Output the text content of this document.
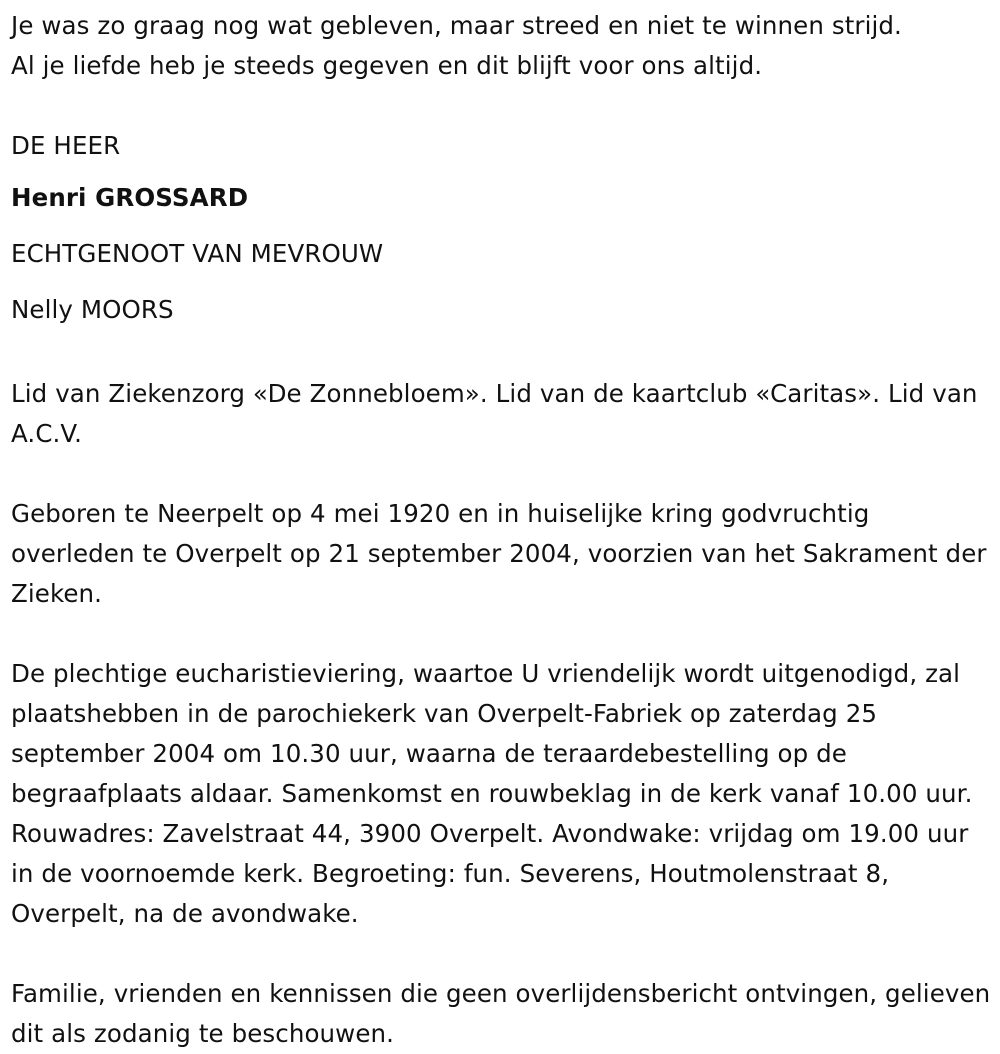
Je was zo graag nog wat gebleven, maar streed en niet te winnen strijd.

Al je liefde heb je steeds gegeven en dit blijft voor ons altijd.

DE HEER

Henri GROSSARD

ECHTGENOOT VAN MEVROUW

Nelly MOORS

Lid van Ziekenzorg «De Zonnebloem». Lid van de kaartclub «Caritas». Lid van A.C.V.

Geboren te Neerpelt op 4 mei 1920 en in huiselijke kring godvruchtig overleden te Overpelt op 21 september 2004, voorzien van het Sakrament der Zieken.

De plechtige eucharistieviering, waartoe U vriendelijk wordt uitgenodigd, zal plaatshebben in de parochiekerk van Overpelt-Fabriek op zaterdag 25 september 2004 om 10.30 uur, waarna de teraardebestelling op de begraafplaats aldaar. Samenkomst en rouwbeklag in de kerk vanaf 10.00 uur. Rouwadres: Zavelstraat 44, 3900 Overpelt. Avondwake: vrijdag om 19.00 uur in de voornoemde kerk. Begroeting: fun. Severens, Houtmolenstraat 8, Overpelt, na de avondwake.

Familie, vrienden en kennissen die geen overlijdensbericht ontvingen, gelieven dit als zodanig te beschouwen.
